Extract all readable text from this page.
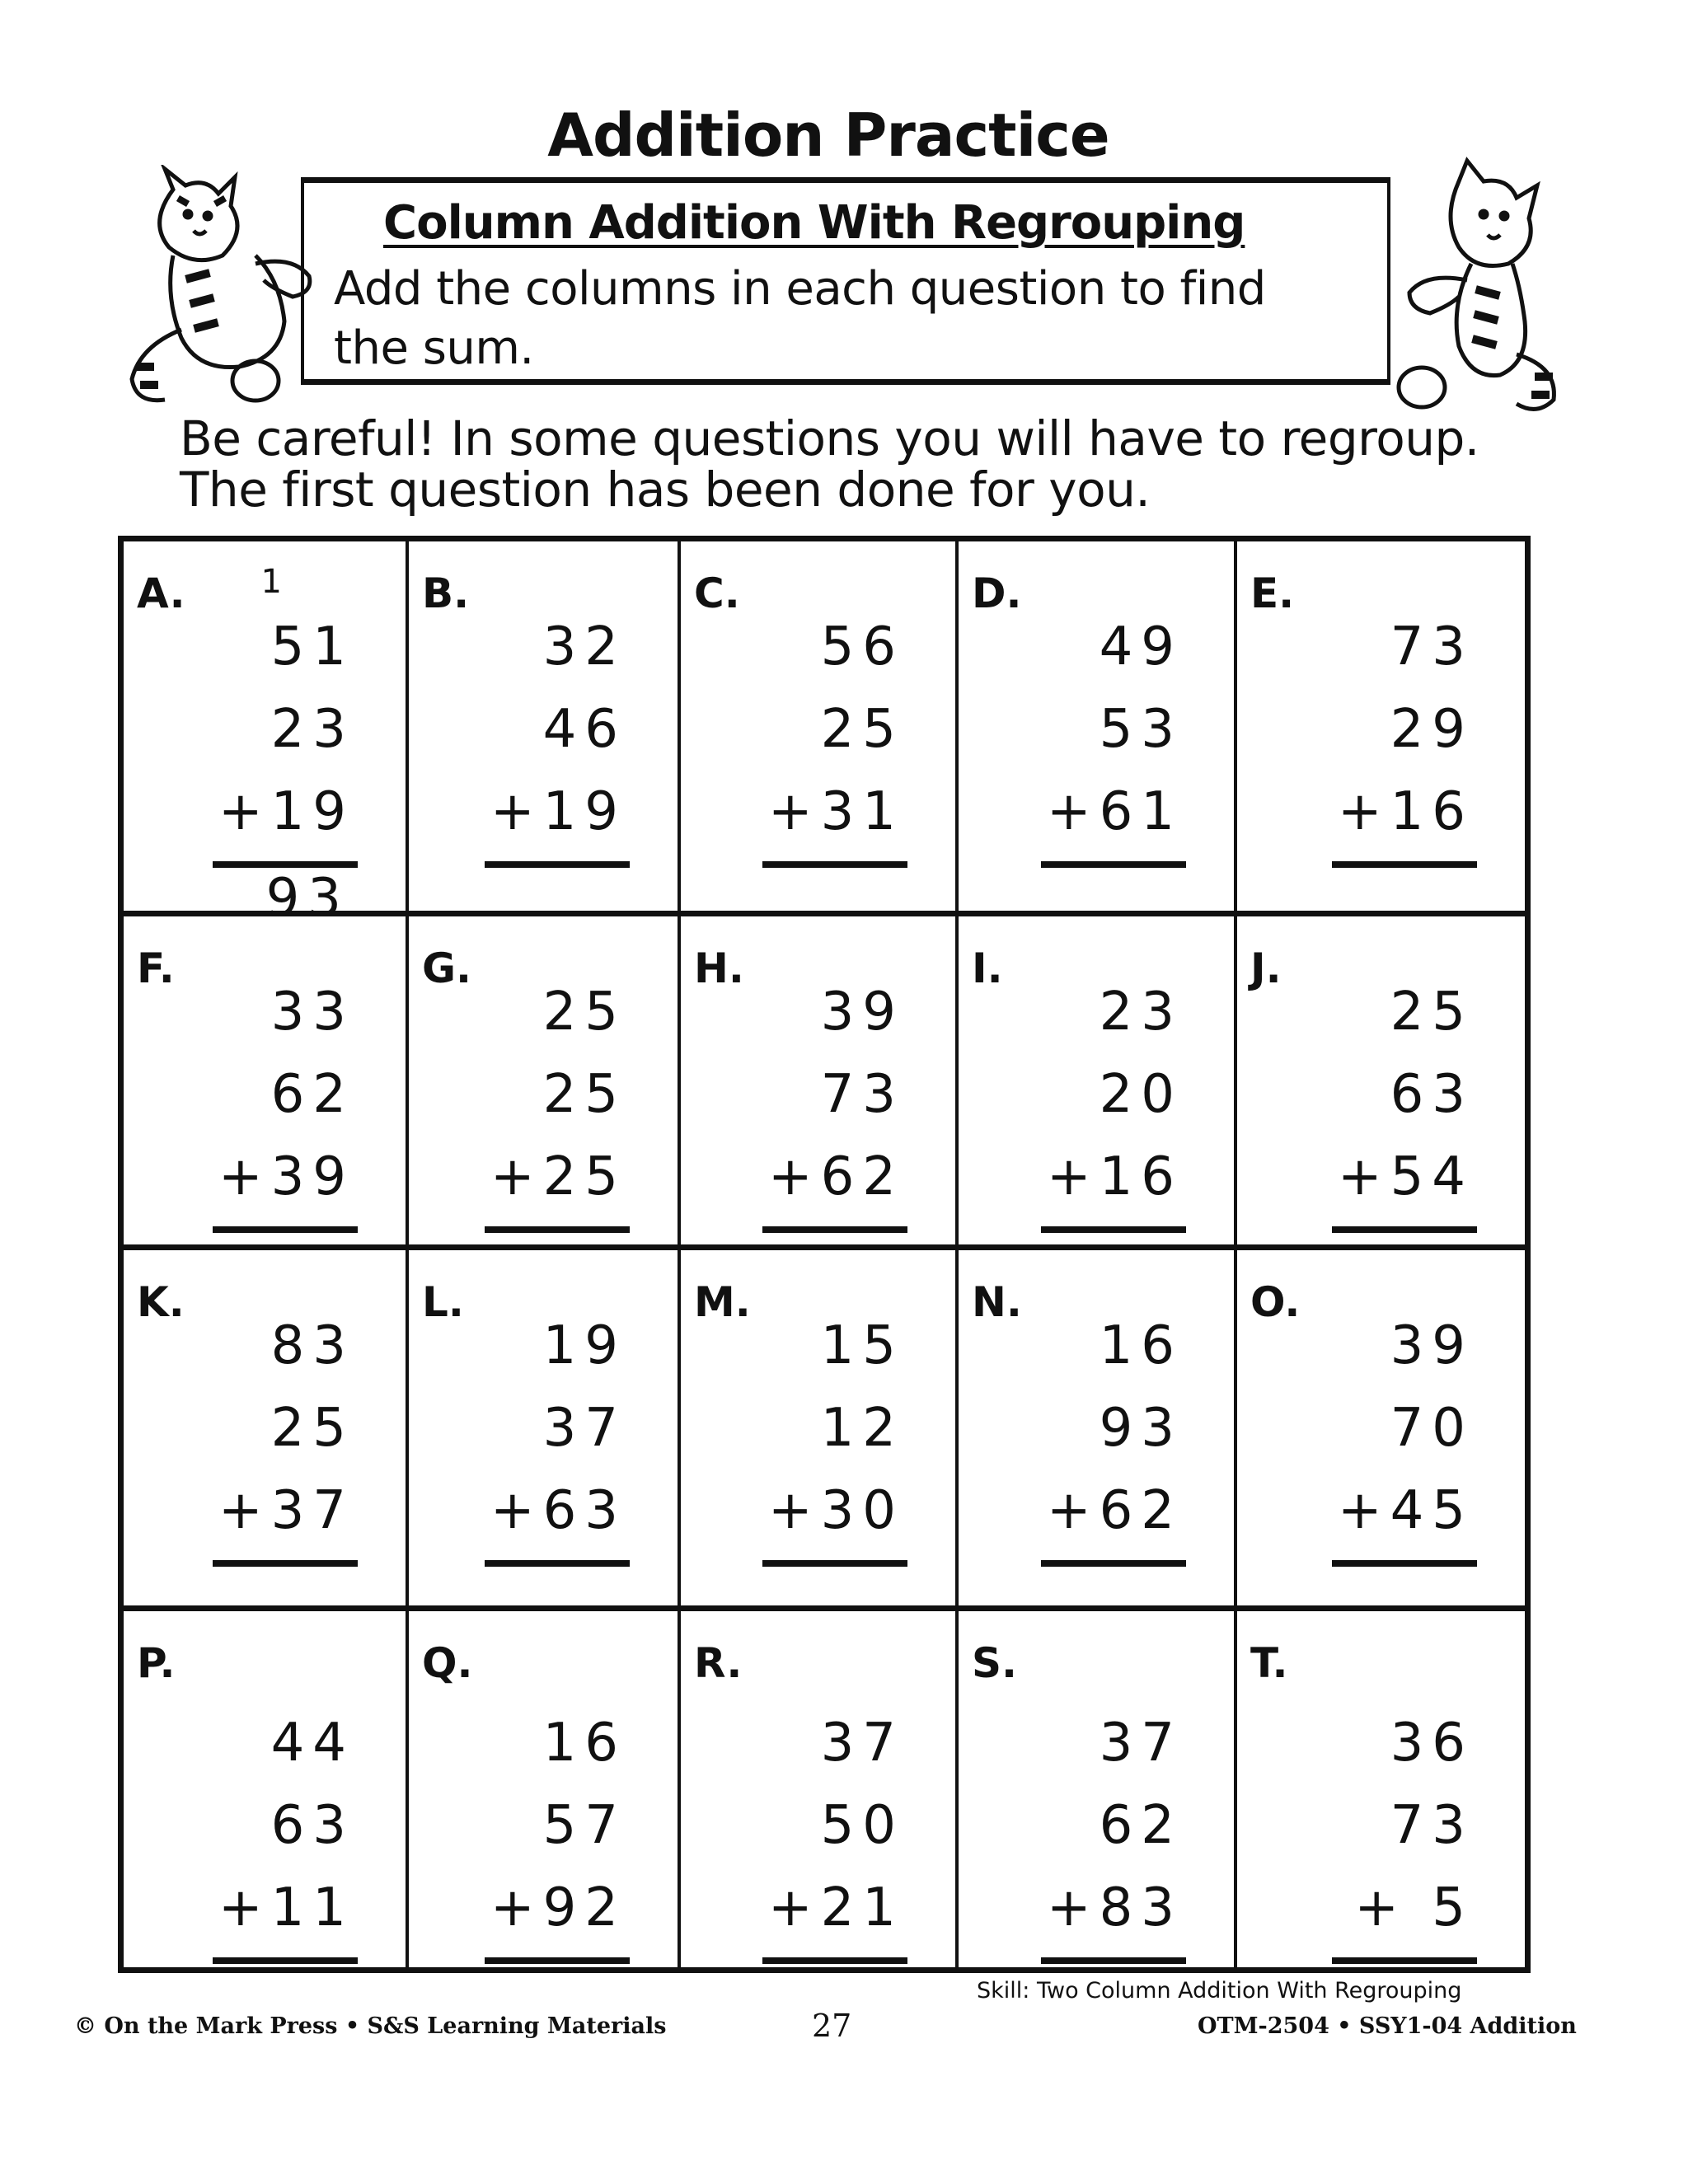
Addition Practice
Column Addition With Regrouping
Add the columns in each question to find
the sum.
Be careful! In some questions you will have to regroup.
The first question has been done for you.
A. 1
51
23
+19
93
B.
32
46
+19
C.
56
25
+31
D.
49
53
+61
E.
73
29
+16
F.
33
62
+39
G.
25
25
+25
H.
39
73
+62
I.
23
20
+16
J.
25
63
+54
K.
83
25
+37
L.
19
37
+63
M.
15
12
+30
N.
16
93
+62
O.
39
70
+45
P.
44
63
+11
Q.
16
57
+92
R.
37
50
+21
S.
37
62
+83
T.
36
73
+ 5
Skill: Two Column Addition With Regrouping
© On the Mark Press • S&S Learning Materials	27	OTM-2504 • SSY1-04 Addition
